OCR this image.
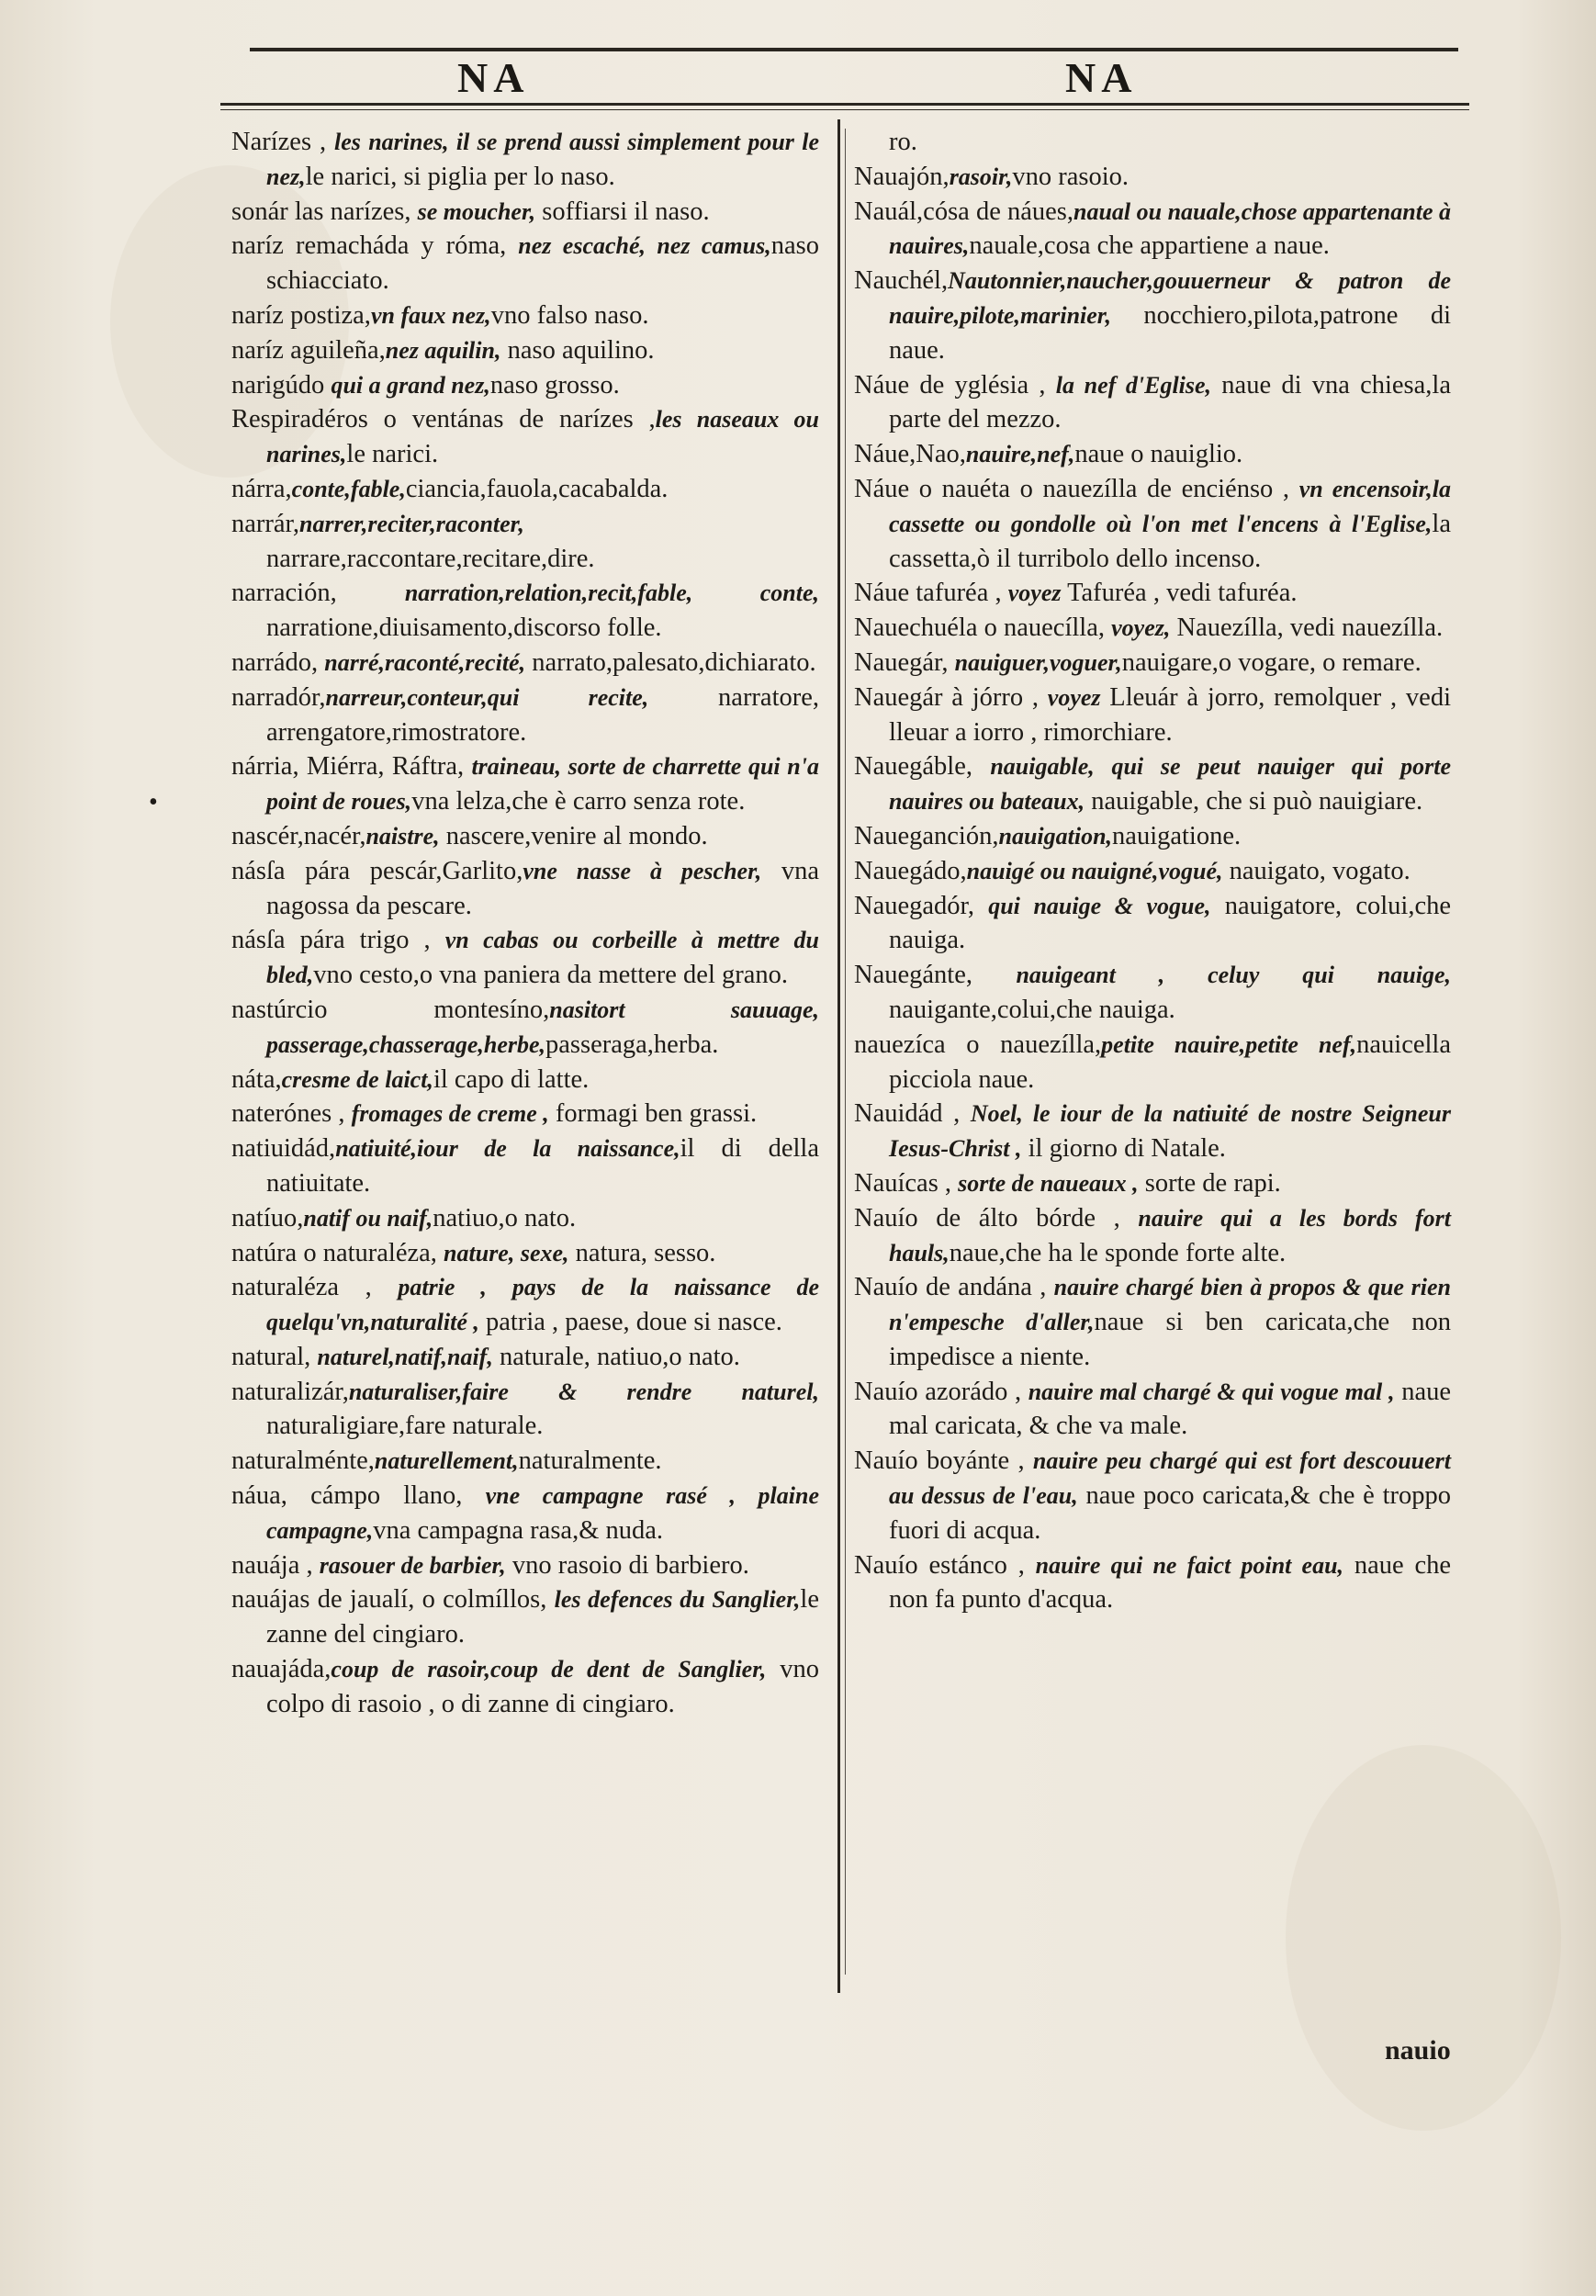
NA	NA
•

Narízes , les narines, il se prend aussi simplement pour le nez,le narici, si piglia per lo naso.

sonár las narízes, se moucher, soffiarsi il naso.

naríz remacháda y róma, nez escaché, nez camus,naso schiacciato.

naríz postiza,vn faux nez,vno falso naso.

naríz aguileña,nez aquilin, naso aquilino.

narigúdo qui a grand nez,naso grosso.

Respiradéros o ventánas de narízes ,les naseaux ou narines,le narici.

nárra,conte,fable,ciancia,fauola,cacabalda.

narrár,narrer,reciter,raconter, narrare,raccontare,recitare,dire.

narración, narration,relation,recit,fable, conte, narratione,diuisamento,discorso folle.

narrádo, narré,raconté,recité, narrato,palesato,dichiarato.

narradór,narreur,conteur,qui recite, narratore, arrengatore,rimostratore.

nárria, Miérra, Ráftra, traineau, sorte de charrette qui n'a point de roues,vna lelza,che è carro senza rote.

nascér,nacér,naistre, nascere,venire al mondo.

násſa pára pescár,Garlito,vne nasse à pescher, vna nagossa da pescare.

násſa pára trigo , vn cabas ou corbeille à mettre du bled,vno cesto,o vna paniera da mettere del grano.

nastúrcio montesíno,nasitort sauuage, passerage,chasserage,herbe,passeraga,herba.

náta,cresme de laict,il capo di latte.

naterónes , fromages de creme , formagi ben grassi.

natiuidád,natiuité,iour de la naissance,il di della natiuitate.

natíuo,natif ou naif,natiuo,o nato.

natúra o naturaléza, nature, sexe, natura, sesso.

naturaléza , patrie , pays de la naissance de quelqu'vn,naturalité , patria , paese, doue si nasce.

natural, naturel,natif,naif, naturale, natiuo,o nato.

naturalizár,naturaliser,faire & rendre naturel, naturaligiare,fare naturale.

naturalménte,naturellement,naturalmente.

náua, cámpo llano, vne campagne rasé , plaine campagne,vna campagna rasa,& nuda.

nauája , rasouer de barbier, vno rasoio di barbiero.

nauájas de jaualí, o colmíllos, les defences du Sanglier,le zanne del cingiaro.

nauajáda,coup de rasoir,coup de dent de Sanglier, vno colpo di rasoio , o di zanne di cingiaro.

ro.

Nauajón,rasoir,vno rasoio.

Nauál,cósa de náues,naual ou nauale,chose appartenante à nauires,nauale,cosa che appartiene a naue.

Nauchél,Nautonnier,naucher,gouuerneur & patron de nauire,pilote,marinier, nocchiero,pilota,patrone di naue.

Náue de yglésia , la nef d'Eglise, naue di vna chiesa,la parte del mezzo.

Náue,Nao,nauire,nef,naue o nauiglio.

Náue o nauéta o nauezílla de enciénso , vn encensoir,la cassette ou gondolle où l'on met l'encens à l'Eglise,la cassetta,ò il turribolo dello incenso.

Náue tafuréa , voyez Tafuréa , vedi tafuréa.

Nauechuéla o nauecílla, voyez, Nauezílla, vedi nauezílla.

Nauegár, nauiguer,voguer,nauigare,o vogare, o remare.

Nauegár à jórro , voyez Lleuár à jorro, remolquer , vedi lleuar a iorro , rimorchiare.

Nauegáble, nauigable, qui se peut nauiger qui porte nauires ou bateaux, nauigable, che si può nauigiare.

Naueganción,nauigation,nauigatione.

Nauegádo,nauigé ou nauigné,vogué, nauigato, vogato.

Nauegadór, qui nauige & vogue, nauigatore, colui,che nauiga.

Nauegánte, nauigeant , celuy qui nauige, nauigante,colui,che nauiga.

nauezíca o nauezílla,petite nauire,petite nef,nauicella picciola naue.

Nauidád , Noel, le iour de la natiuité de nostre Seigneur Iesus-Christ , il giorno di Natale.

Nauícas , sorte de naueaux , sorte de rapi.

Nauío de álto bórde , nauire qui a les bords fort hauls,naue,che ha le sponde forte alte.

Nauío de andána , nauire chargé bien à propos & que rien n'empesche d'aller,naue si ben caricata,che non impedisce a niente.

Nauío azorádo , nauire mal chargé & qui vogue mal , naue mal caricata, & che va male.

Nauío boyánte , nauire peu chargé qui est fort descouuert au dessus de l'eau, naue poco caricata,& che è troppo fuori di acqua.

Nauío estánco , nauire qui ne faict point eau, naue che non fa punto d'acqua.

nauio
